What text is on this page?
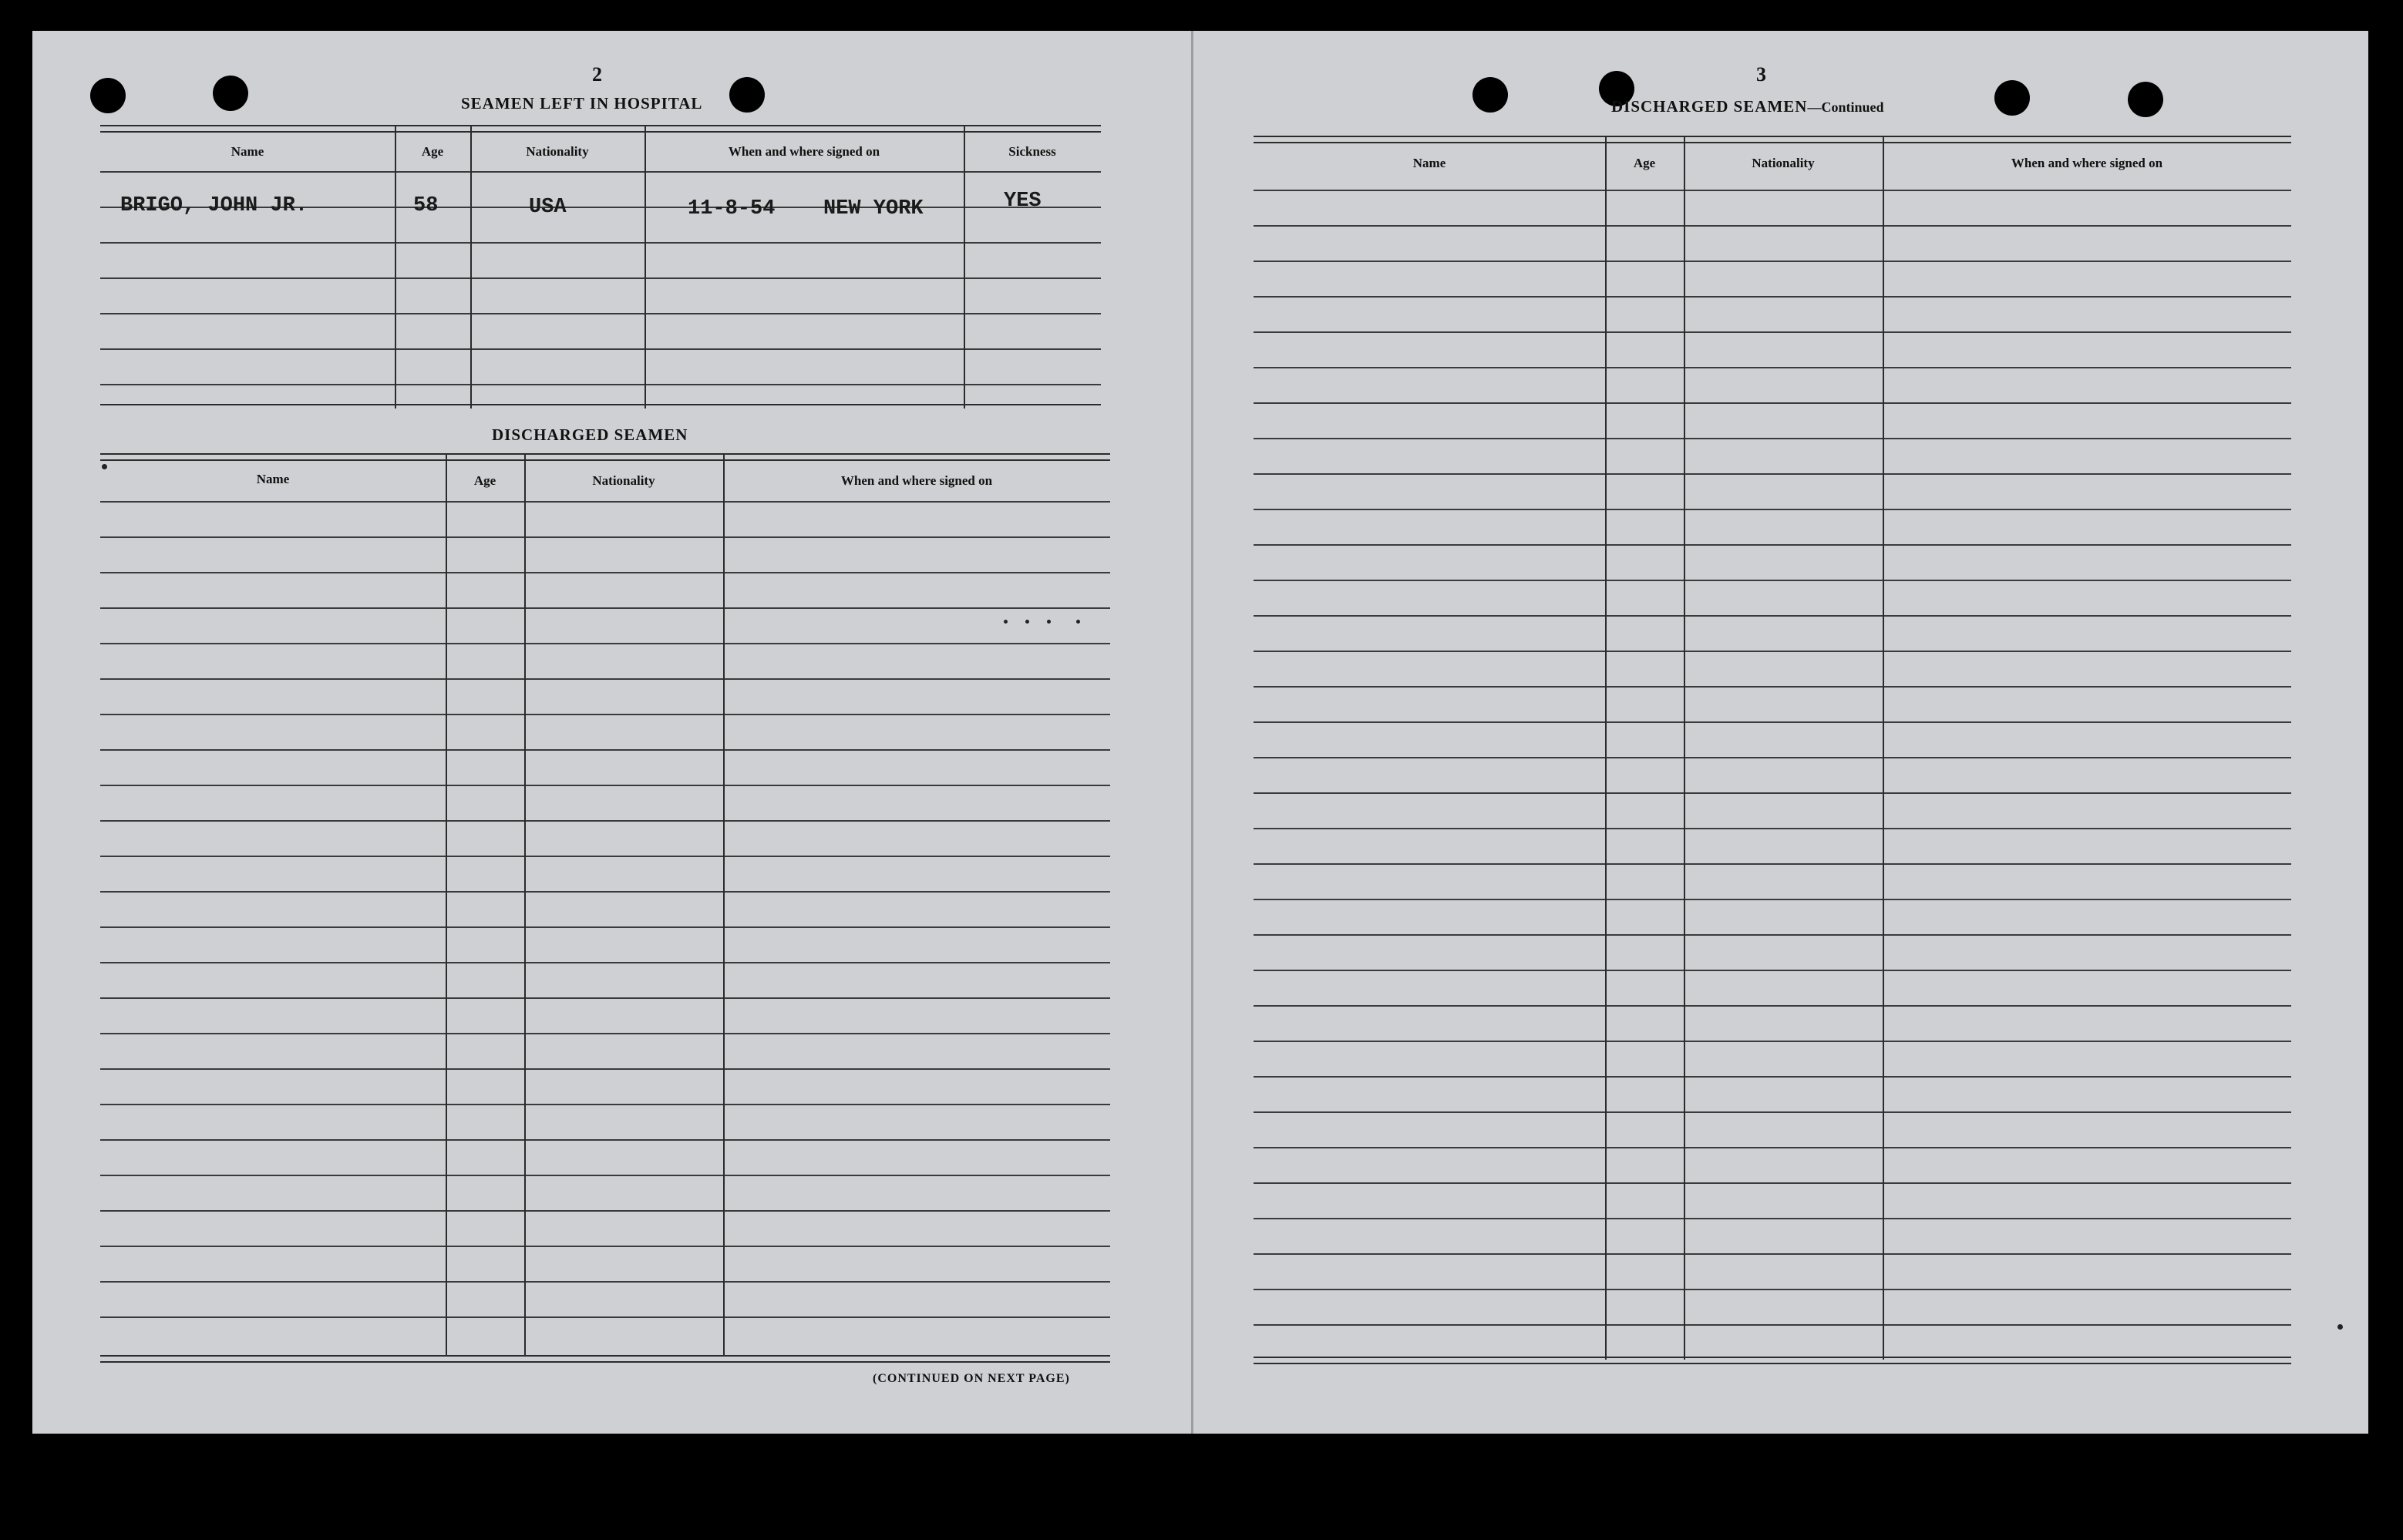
2
SEAMEN LEFT IN HOSPITAL
Name	Age	Nationality	When and where signed on	Sickness
BRIGO, JOHN JR.	58	USA	11-8-54 NEW YORK	YES
DISCHARGED SEAMEN
Name	Age	Nationality	When and where signed on
(CONTINUED ON NEXT PAGE)
3
DISCHARGED SEAMEN—Continued
Name	Age	Nationality	When and where signed on
